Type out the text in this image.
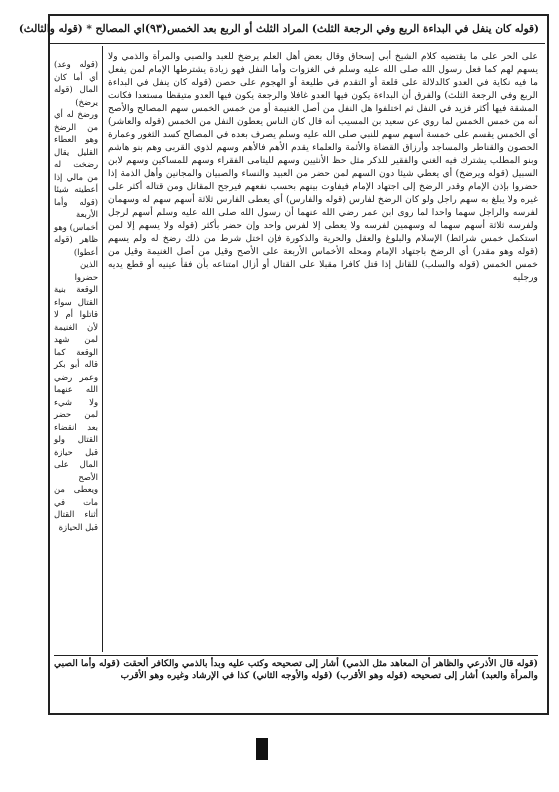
(قوله كان ينفل في البداءة الربع وفي الرجعة الثلث) المراد الثلث أو الربع بعد الخمس
(٩٣)
اي المصالح * (قوله والثالث)

على الحر على ما يقتضيه كلام الشيخ أبي إسحاق وقال بعض أهل العلم يرضخ للعبد والصبي والمرأة والذمي ولا يسهم لهم كما فعل رسول الله صلى الله عليه وسلم في الغزوات وأما النفل فهو زيادة يشترطها الإمام لمن يفعل ما فيه نكاية في العدو كالدلالة على قلعة أو التقدم في طليعة أو الهجوم على حصن (قوله كان ينفل في البداءة الربع وفي الرجعة الثلث) والفرق أن البداءة يكون فيها العدو غافلا والرجعة يكون فيها العدو متيقظا مستعدا فكانت المشقة فيها أكثر فزيد في النفل ثم اختلفوا هل النفل من أصل الغنيمة أو من خمس الخمس سهم المصالح والأصح أنه من خمس الخمس لما روي عن سعيد بن المسيب أنه قال كان الناس يعطون النفل من الخمس (قوله والعاشر) أي الخمس يقسم على خمسة أسهم سهم للنبي صلى الله عليه وسلم يصرف بعده في المصالح كسد الثغور وعمارة الحصون والقناطر والمساجد وأرزاق القضاة والأئمة والعلماء يقدم الأهم فالأهم وسهم لذوي القربى وهم بنو هاشم وبنو المطلب يشترك فيه الغني والفقير للذكر مثل حظ الأنثيين وسهم لليتامى الفقراء وسهم للمساكين وسهم لابن السبيل (قوله ويرضخ) أي يعطي شيئا دون السهم لمن حضر من العبيد والنساء والصبيان والمجانين وأهل الذمة إذا حضروا بإذن الإمام وقدر الرضخ إلى اجتهاد الإمام فيفاوت بينهم بحسب نفعهم فيرجح المقاتل ومن قتاله أكثر على غيره ولا يبلغ به سهم راجل ولو كان الرضخ لفارس (قوله والفارس) أي يعطى الفارس ثلاثة أسهم سهم له وسهمان لفرسه والراجل سهما واحدا لما روى ابن عمر رضي الله عنهما أن رسول الله صلى الله عليه وسلم أسهم لرجل ولفرسه ثلاثة أسهم سهما له وسهمين لفرسه ولا يعطى إلا لفرس واحد وإن حضر بأكثر (قوله ولا يسهم إلا لمن استكمل خمس شرائط) الإسلام والبلوغ والعقل والحرية والذكورة فإن اختل شرط من ذلك رضخ له ولم يسهم (قوله وهو مقدر) أي الرضخ باجتهاد الإمام ومحله الأخماس الأربعة على الأصح وقيل من أصل الغنيمة وقيل من خمس الخمس (قوله والسلب) للقاتل إذا قتل كافرا مقبلا على القتال أو أزال امتناعه بأن فقأ عينيه أو قطع يديه ورجليه

(قوله وعد) أي أما كان المال (قوله يرضخ) ورضخ له أي من الرضخ وهو العطاء القليل يقال رضخت له من مالي إذا أعطيته شيئا (قوله وأما الأربعة أخماس) وهو ظاهر (قوله أعطوا) الذين حضروا الوقعة بنية القتال سواء قاتلوا أم لا لأن الغنيمة لمن شهد الوقعة كما قاله أبو بكر وعمر رضي الله عنهما ولا شيء لمن حضر بعد انقضاء القتال ولو قبل حيازة المال على الأصح ويعطى من مات في أثناء القتال قبل الحيازة

(قوله قال الأذرعي والظاهر أن المعاهد مثل الذمي) أشار إلى تصحيحه وكتب عليه وبدأ بالذمي والكافر ألحقت (قوله وأما الصبي والمرأة والعبد) أشار إلى تصحيحه (قوله وهو الأقرب) (قوله والأوجه الثاني) كذا في الإرشاد وغيره وهو الأقرب
